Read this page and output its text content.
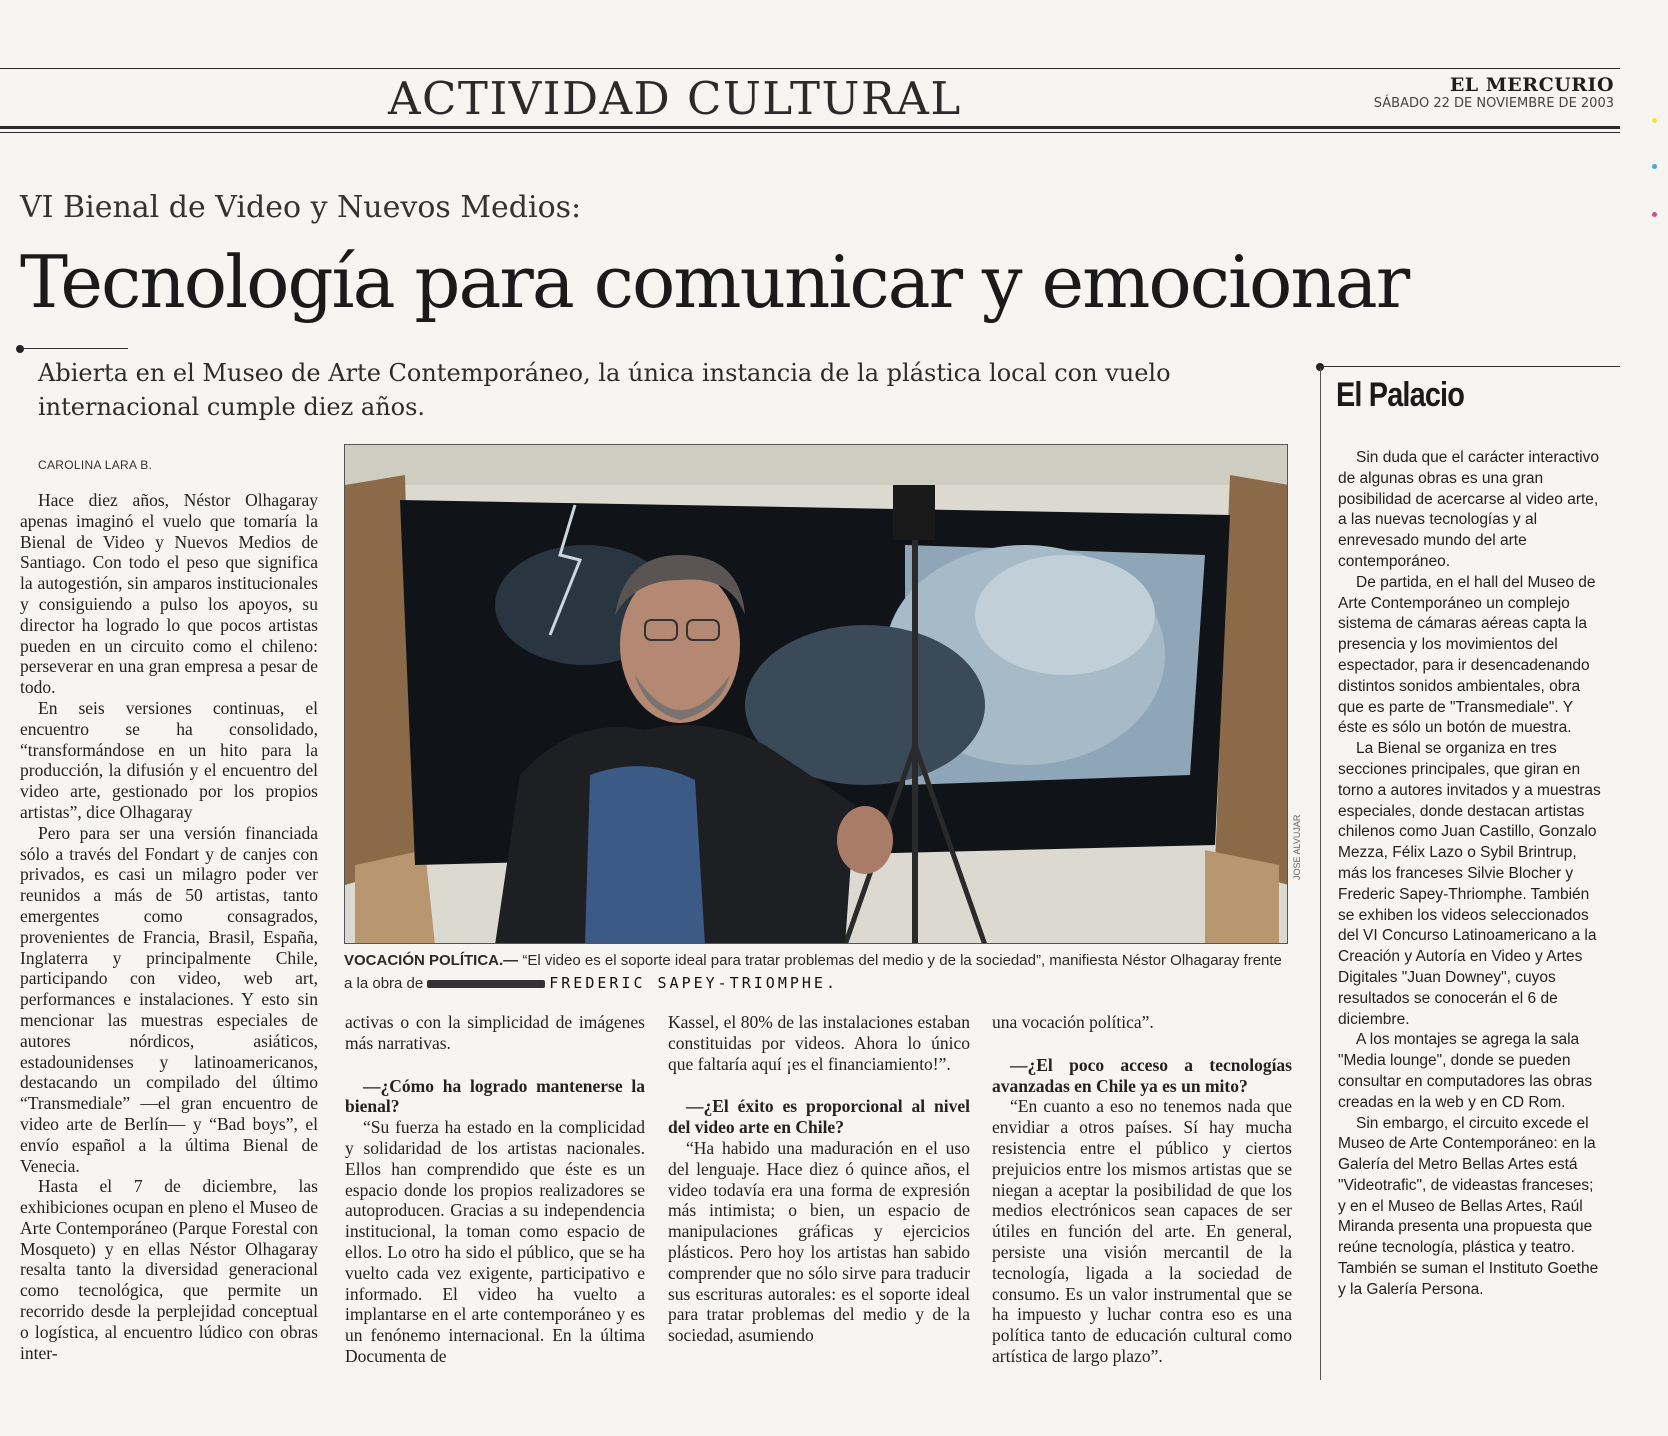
ACTIVIDAD CULTURAL	EL MERCURIO
SÁBADO 22 DE NOVIEMBRE DE 2003
VI Bienal de Video y Nuevos Medios:
Tecnología para comunicar y emocionar
Abierta en el Museo de Arte Contemporáneo, la única instancia de la plástica local con vuelo internacional cumple diez años.
CAROLINA LARA B.

Hace diez años, Néstor Olhagaray apenas imaginó el vuelo que tomaría la Bienal de Video y Nuevos Medios de Santiago. Con todo el peso que significa la autogestión, sin amparos institucionales y consiguiendo a pulso los apoyos, su director ha logrado lo que pocos artistas pueden en un circuito como el chileno: perseverar en una gran empresa a pesar de todo.

En seis versiones continuas, el encuentro se ha consolidado, “transformándose en un hito para la producción, la difusión y el encuentro del video arte, gestionado por los propios artistas”, dice Olhagaray

Pero para ser una versión financiada sólo a través del Fondart y de canjes con privados, es casi un milagro poder ver reunidos a más de 50 artistas, tanto emergentes como consagrados, provenientes de Francia, Brasil, España, Inglaterra y principalmente Chile, participando con video, web art, performances e instalaciones. Y esto sin mencionar las muestras especiales de autores nórdicos, asiáticos, estadounidenses y latinoamericanos, destacando un compilado del último “Transmediale” —el gran encuentro de video arte de Berlín— y “Bad boys”, el envío español a la última Bienal de Venecia.

Hasta el 7 de diciembre, las exhibiciones ocupan en pleno el Museo de Arte Contemporáneo (Parque Forestal con Mosqueto) y en ellas Néstor Olhagaray resalta tanto la diversidad generacional como tecnológica, que permite un recorrido desde la perplejidad conceptual o logística, al encuentro lúdico con obras inter-

JOSE ALVUJAR
VOCACIÓN POLÍTICA.— “El video es el soporte ideal para tratar problemas del medio y de la sociedad”, manifiesta Néstor Olhagaray frente a la obra de	FREDERIC SAPEY-TRIOMPHE.

activas o con la simplicidad de imágenes más narrativas.

—¿Cómo ha logrado mantenerse la bienal?

“Su fuerza ha estado en la complicidad y solidaridad de los artistas nacionales. Ellos han comprendido que éste es un espacio donde los propios realizadores se autoproducen. Gracias a su independencia institucional, la toman como espacio de ellos. Lo otro ha sido el público, que se ha vuelto cada vez exigente, participativo e informado. El video ha vuelto a implantarse en el arte contemporáneo y es un fenónemo internacional. En la última Documenta de

Kassel, el 80% de las instalaciones estaban constituidas por videos. Ahora lo único que faltaría aquí ¡es el financiamiento!”.

—¿El éxito es proporcional al nivel del video arte en Chile?

“Ha habido una maduración en el uso del lenguaje. Hace diez ó quince años, el video todavía era una forma de expresión más intimista; o bien, un espacio de manipulaciones gráficas y ejercicios plásticos. Pero hoy los artistas han sabido comprender que no sólo sirve para traducir sus escrituras autorales: es el soporte ideal para tratar problemas del medio y de la sociedad, asumiendo

una vocación política”.

—¿El poco acceso a tecnologías avanzadas en Chile ya es un mito?

“En cuanto a eso no tenemos nada que envidiar a otros países. Sí hay mucha resistencia entre el público y ciertos prejuicios entre los mismos artistas que se niegan a aceptar la posibilidad de que los medios electrónicos sean capaces de ser útiles en función del arte. En general, persiste una visión mercantil de la tecnología, ligada a la sociedad de consumo. Es un valor instrumental que se ha impuesto y luchar contra eso es una política tanto de educación cultural como artística de largo plazo”.

El Palacio

Sin duda que el carácter interactivo de algunas obras es una gran posibilidad de acercarse al video arte, a las nuevas tecnologías y al enrevesado mundo del arte contemporáneo.

De partida, en el hall del Museo de Arte Contemporáneo un complejo sistema de cámaras aéreas capta la presencia y los movimientos del espectador, para ir desencadenando distintos sonidos ambientales, obra que es parte de "Transmediale". Y éste es sólo un botón de muestra.

La Bienal se organiza en tres secciones principales, que giran en torno a autores invitados y a muestras especiales, donde destacan artistas chilenos como Juan Castillo, Gonzalo Mezza, Félix Lazo o Sybil Brintrup, más los franceses Silvie Blocher y Frederic Sapey-Thriomphe. También se exhiben los videos seleccionados del VI Concurso Latinoamericano a la Creación y Autoría en Video y Artes Digitales "Juan Downey", cuyos resultados se conocerán el 6 de diciembre.

A los montajes se agrega la sala "Media lounge", donde se pueden consultar en computadores las obras creadas en la web y en CD Rom.

Sin embargo, el circuito excede el Museo de Arte Contemporáneo: en la Galería del Metro Bellas Artes está "Videotrafic", de videastas franceses; y en el Museo de Bellas Artes, Raúl Miranda presenta una propuesta que reúne tecnología, plástica y teatro. También se suman el Instituto Goethe y la Galería Persona.
